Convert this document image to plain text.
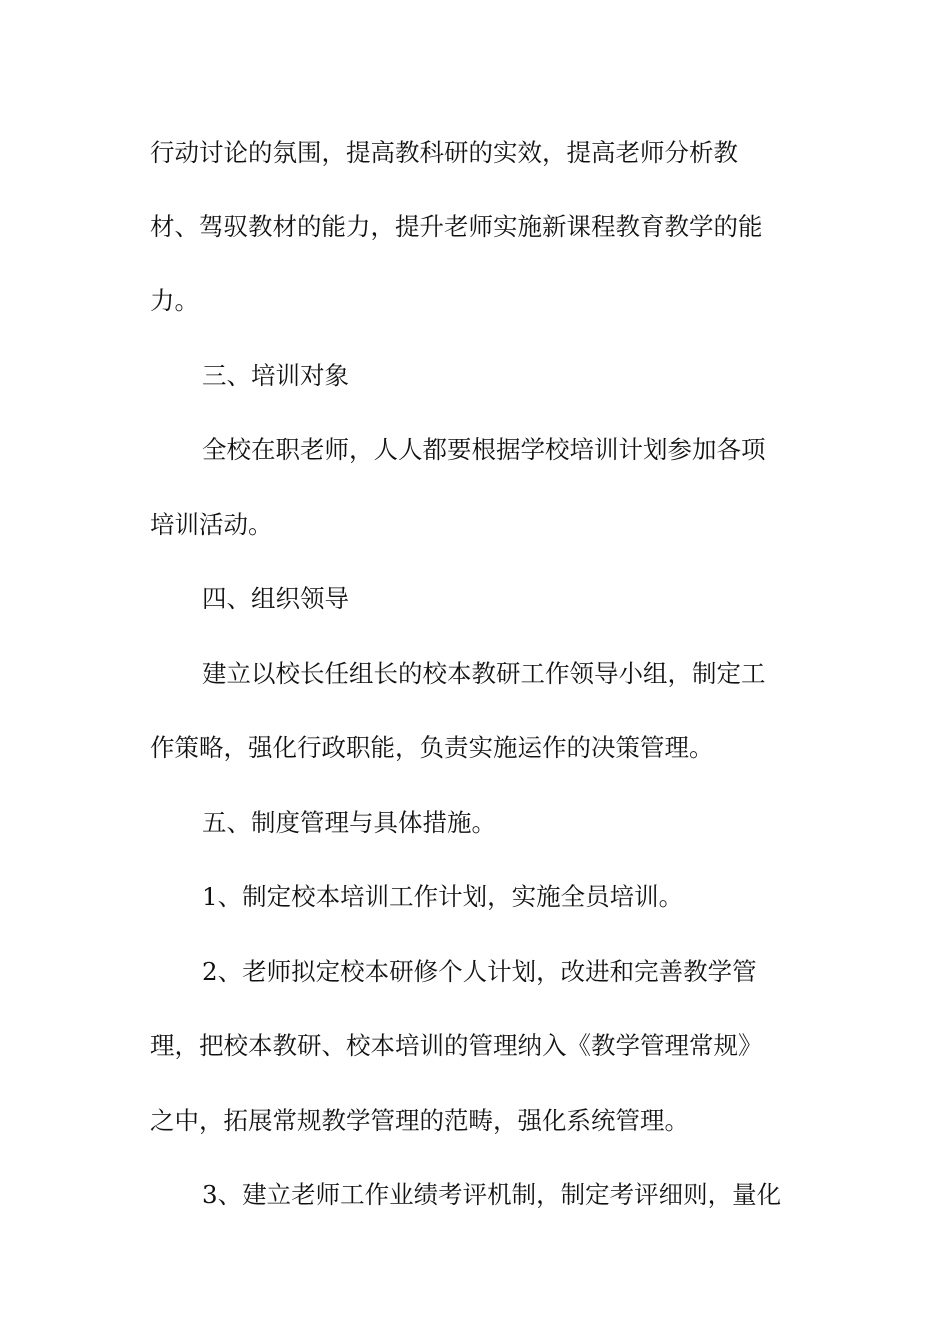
行动讨论的氛围，提高教科研的实效，提高老师分析教
材、驾驭教材的能力，提升老师实施新课程教育教学的能
力。
三、培训对象
全校在职老师，人人都要根据学校培训计划参加各项
培训活动。
四、组织领导
建立以校长任组长的校本教研工作领导小组，制定工
作策略，强化行政职能，负责实施运作的决策管理。
五、制度管理与具体措施。
1、制定校本培训工作计划，实施全员培训。
2、老师拟定校本研修个人计划，改进和完善教学管
理，把校本教研、校本培训的管理纳入《教学管理常规》
之中，拓展常规教学管理的范畴，强化系统管理。
3、建立老师工作业绩考评机制，制定考评细则，量化
